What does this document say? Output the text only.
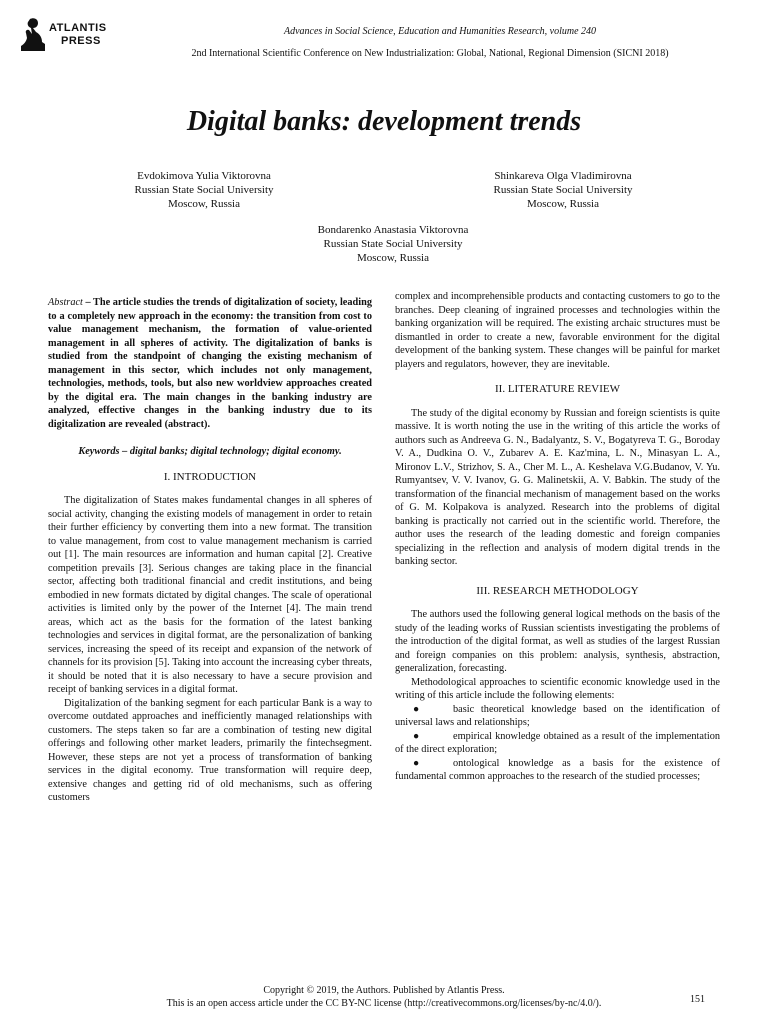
ATLANTIS
PRESS
Advances in Social Science, Education and Humanities Research, volume 240
2nd International Scientific Conference on New Industrialization: Global, National, Regional Dimension (SICNI 2018)
Digital banks: development trends
Evdokimova Yulia Viktorovna
Russian State Social University
Moscow, Russia
Shinkareva Olga Vladimirovna
Russian State Social University
Moscow, Russia
Bondarenko Anastasia Viktorovna
Russian State Social University
Moscow, Russia

Abstract – The article studies the trends of digitalization of society, leading to a completely new approach in the economy: the transition from cost to value management mechanism, the formation of value-oriented management in all spheres of activity. The digitalization of banks is studied from the standpoint of changing the existing mechanism of management in this sector, which includes not only management, technologies, methods, tools, but also new worldview approaches created by the digital era. The main changes in the banking industry are analyzed, effective changes in the banking industry due to its digitalization are revealed (abstract).

Keywords – digital banks; digital technology; digital economy.

I. INTRODUCTION

The digitalization of States makes fundamental changes in all spheres of social activity, changing the existing models of management in order to retain their further efficiency by converting them into a new format. The transition to value management, from cost to value management mechanism is carried out [1]. The main resources are information and human capital [2]. Creative competition prevails [3]. Serious changes are taking place in the financial sector, affecting both traditional financial and credit institutions, and being embodied in new formats dictated by digital changes. The scale of operational activities is limited only by the power of the Internet [4]. The main trend areas, which act as the basis for the formation of the latest banking technologies and services in digital format, are the personalization of banking services, increasing the speed of its receipt and expansion of the network of channels for its provision [5]. Taking into account the increasing cyber threats, it should be noted that it is also necessary to have a secure provision and receipt of banking services in a digital format.

Digitalization of the banking segment for each particular Bank is a way to overcome outdated approaches and inefficiently managed relationships with customers. The steps taken so far are a combination of testing new digital offerings and following other market leaders, primarily the fintechsegment. However, these steps are not yet a process of transformation of banking services in the digital economy. True transformation will require deep, extensive changes and getting rid of old mechanisms, such as offering customers

complex and incomprehensible products and contacting customers to go to the branches. Deep cleaning of ingrained processes and technologies within the banking organization will be required. The existing archaic structures must be dismantled in order to create a new, favorable environment for the digital development of the banking system. These changes will be painful for market players and regulators, however, they are inevitable.

II. LITERATURE REVIEW

The study of the digital economy by Russian and foreign scientists is quite massive. It is worth noting the use in the writing of this article the works of authors such as Andreeva G. N., Badalyantz, S. V., Bogatyreva T. G., Boroday V. A., Dudkina O. V., Zubarev A. E. Kaz'mina, L. N., Minasyan L. A., Mironov L.V., Strizhov, S. A., Cher M. L., A. Keshelava V.G.Budanov, V. Yu. Rumyantsev, V. V. Ivanov, G. G. Malinetskii, A. V. Babkin. The study of the transformation of the financial mechanism of management based on the works of G. M. Kolpakova is analyzed. Research into the problems of digital banking is practically not carried out in the scientific world. Therefore, the author uses the research of the leading domestic and foreign companies specializing in the reflection and analysis of modern digital trends in the banking sector.

III. RESEARCH METHODOLOGY

The authors used the following general logical methods on the basis of the study of the leading works of Russian scientists investigating the problems of the introduction of the digital format, as well as studies of the largest Russian and foreign companies on this problem: analysis, synthesis, abstraction, generalization, forecasting.

Methodological approaches to scientific economic knowledge used in the writing of this article include the following elements:

●	basic theoretical knowledge based on the identification of universal laws and relationships;

●	empirical knowledge obtained as a result of the implementation of the direct exploration;

●	ontological knowledge as a basis for the existence of fundamental common approaches to the research of the studied processes;

Copyright © 2019, the Authors. Published by Atlantis Press.
This is an open access article under the CC BY-NC license (http://creativecommons.org/licenses/by-nc/4.0/).	151
